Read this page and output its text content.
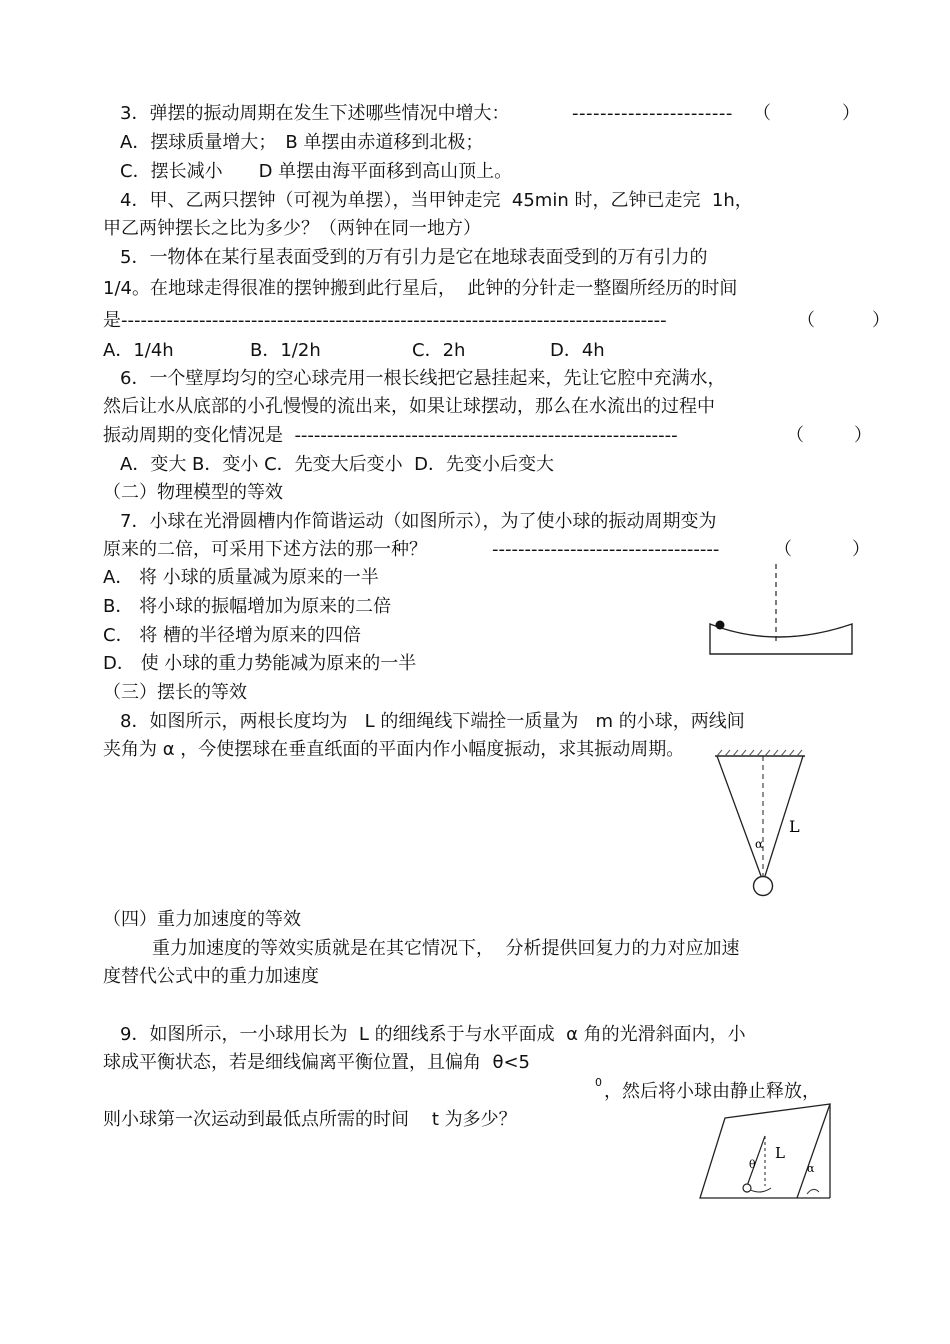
3．弹摆的振动周期在发生下述哪些情况中增大：	----------------------- （	）
A．摆球质量增大；　B 单摆由赤道移到北极；
C．摆长减小　　D 单摆由海平面移到高山顶上。
4．甲、乙两只摆钟（可视为单摆），当甲钟走完  45min 时，乙钟已走完  1h，
甲乙两钟摆长之比为多少？（两钟在同一地方）
5．一物体在某行星表面受到的万有引力是它在地球表面受到的万有引力的
1/4。在地球走得很准的摆钟搬到此行星后，  此钟的分针走一整圈所经历的时间
是------------------------------------------------------------------------------------	（	）
A．1/4h	B．1/2h	C．2h	D．4h
6．一个壁厚均匀的空心球壳用一根长线把它悬挂起来，先让它腔中充满水，
然后让水从底部的小孔慢慢的流出来，如果让球摆动，那么在水流出的过程中
振动周期的变化情况是  -----------------------------------------------------------	（	）
A．变大 B．变小 C．先变大后变小  D．先变小后变大
（二）物理模型的等效
7．小球在光滑圆槽内作简谐运动（如图所示），为了使小球的振动周期变为
原来的二倍，可采用下述方法的那一种？	-----------------------------------	（	）
A． 将 小球的质量减为原来的一半
B． 将小球的振幅增加为原来的二倍
C． 将 槽的半径增为原来的四倍
D． 使 小球的重力势能减为原来的一半
（三）摆长的等效
8．如图所示，两根长度均为   L 的细绳线下端拴一质量为   m 的小球，两线间
夹角为 α ，今使摆球在垂直纸面的平面内作小幅度振动，求其振动周期。
α
L
（四）重力加速度的等效
重力加速度的等效实质就是在其它情况下，  分析提供回复力的力对应加速
度替代公式中的重力加速度
9．如图所示，一小球用长为  L 的细线系于与水平面成  α 角的光滑斜面内，小
球成平衡状态，若是细线偏离平衡位置，且偏角  θ<5
0 ，然后将小球由静止释放，
则小球第一次运动到最低点所需的时间    t 为多少？
α
θ
L
